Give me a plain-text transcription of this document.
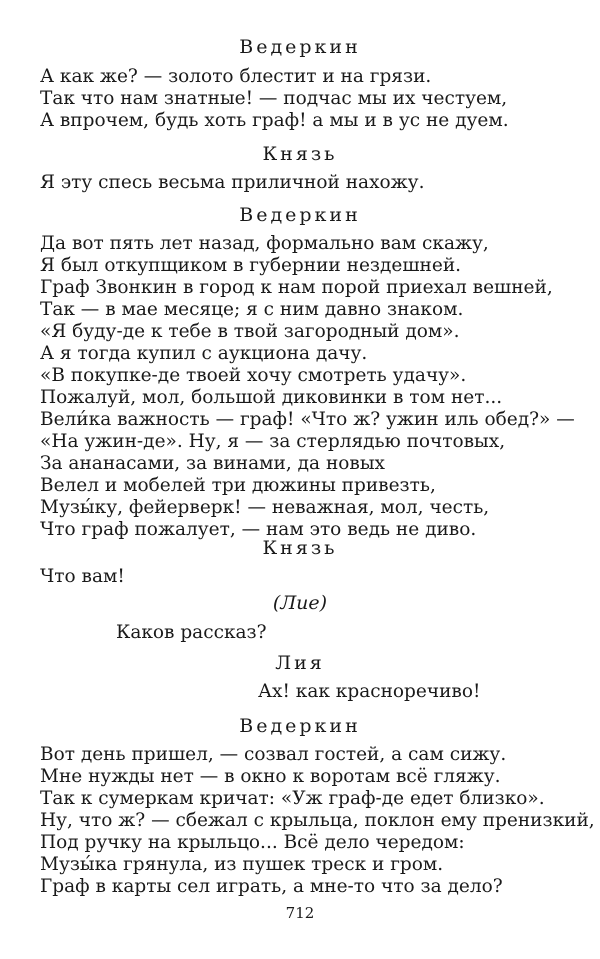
Ведеркин
А как же? — золото блестит и на грязи.
Так что нам знатные! — подчас мы их честуем,
А впрочем, будь хоть граф! а мы и в ус не дуем.
Князь
Я эту спесь весьма приличной нахожу.
Ведеркин
Да вот пять лет назад, формально вам скажу,
Я был откупщиком в губернии нездешней.
Граф Звонкин в город к нам порой приехал вешней,
Так — в мае месяце; я с ним давно знаком.
«Я буду-де к тебе в твой загородный дом».
А я тогда купил с аукциона дачу.
«В покупке-де твоей хочу смотреть удачу».
Пожалуй, мол, большой диковинки в том нет...
Вели́ка важность — граф! «Что ж? ужин иль обед?» —
«На ужин-де». Ну, я — за стерлядью почтовых,
За ананасами, за винами, да новых
Велел и мобелей три дюжины привезть,
Музы́ку, фейерверк! — неважная, мол, честь,
Что граф пожалует, — нам это ведь не диво.
Князь
Что вам!
(Лие)
Каков рассказ?
Лия
Ах! как красноречиво!
Ведеркин
Вот день пришел, — созвал гостей, а сам сижу.
Мне нужды нет — в окно к воротам всё гляжу.
Так к сумеркам кричат: «Уж граф-де едет близко».
Ну, что ж? — сбежал с крыльца, поклон ему пренизкий,
Под ручку на крыльцо... Всё дело чередом:
Музы́ка грянула, из пушек треск и гром.
Граф в карты сел играть, а мне-то что за дело?
712
